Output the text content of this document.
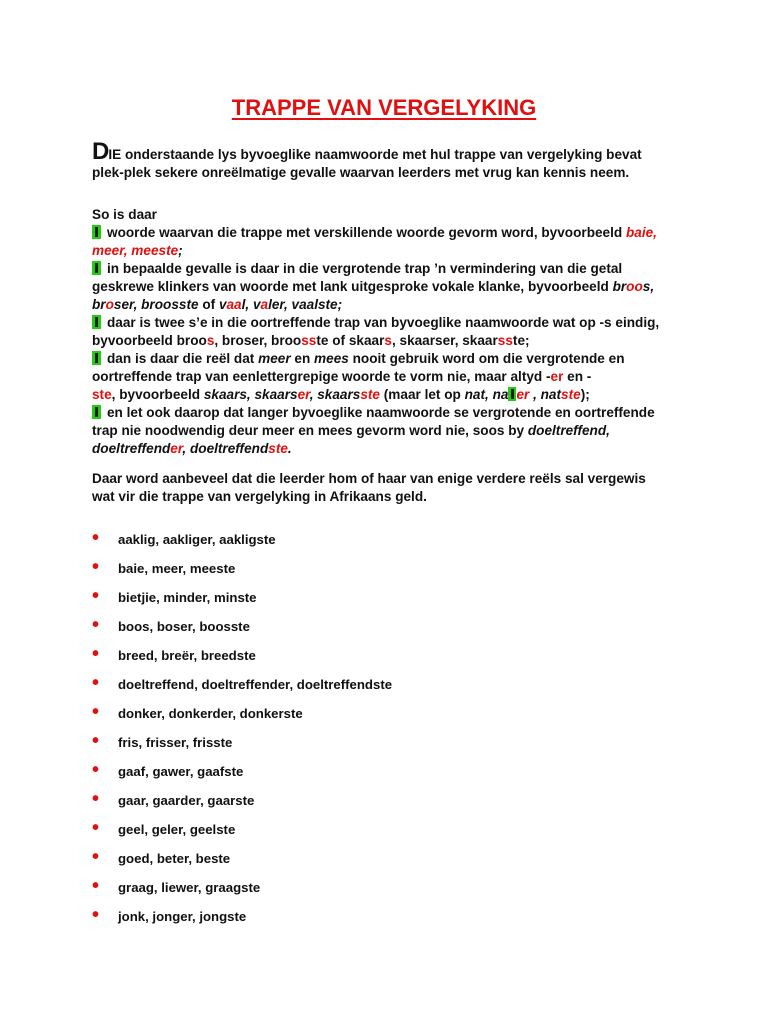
TRAPPE VAN VERGELYKING
DIE onderstaande lys byvoeglike naamwoorde met hul trappe van vergelyking bevat
plek-plek sekere onreëlmatige gevalle waarvan leerders met vrug kan kennis neem.
So is daar
woorde waarvan die trappe met verskillende woorde gevorm word, byvoorbeeld baie,
meer, meeste;
in bepaalde gevalle is daar in die vergrotende trap ’n vermindering van die getal
geskrewe klinkers van woorde met lank uitgesproke vokale klanke, byvoorbeeld broos,
broser, broosste of vaal, valer, vaalste;
daar is twee s’e in die oortreffende trap van byvoeglike naamwoorde wat op -s eindig,
byvoorbeeld broos, broser, broosste of skaars, skaarser, skaarsste;
dan is daar die reël dat meer en mees nooit gebruik word om die vergrotende en
oortreffende trap van eenlettergrepige woorde te vorm nie, maar altyd -er en -
ste, byvoorbeeld skaars, skaarser, skaarsste (maar let op nat, na er , natste);
en let ook daarop dat langer byvoeglike naamwoorde se vergrotende en oortreffende
trap nie noodwendig deur meer en mees gevorm word nie, soos by doeltreffend,
doeltreffender, doeltreffendste.
Daar word aanbeveel dat die leerder hom of haar van enige verdere reëls sal vergewis
wat vir die trappe van vergelyking in Afrikaans geld.
•	aaklig, aakliger, aakligste
•	baie, meer, meeste
•	bietjie, minder, minste
•	boos, boser, boosste
•	breed, breër, breedste
•	doeltreffend, doeltreffender, doeltreffendste
•	donker, donkerder, donkerste
•	fris, frisser, frisste
•	gaaf, gawer, gaafste
•	gaar, gaarder, gaarste
•	geel, geler, geelste
•	goed, beter, beste
•	graag, liewer, graagste
•	jonk, jonger, jongste
